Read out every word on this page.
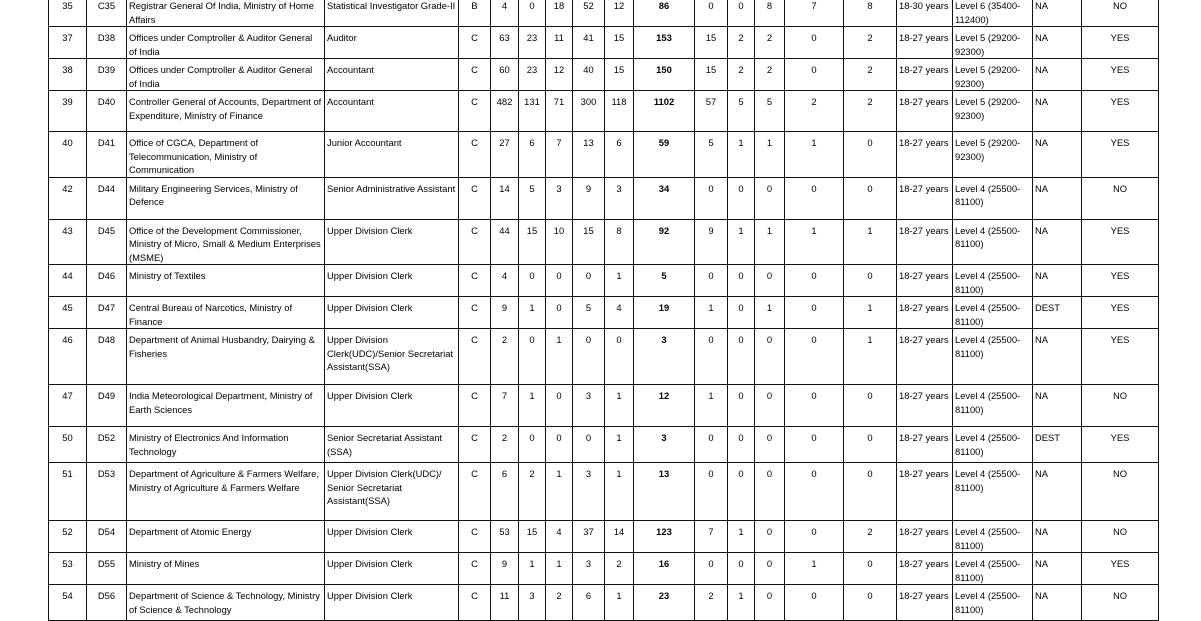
35	C35	Registrar General Of India, Ministry of Home Affairs	Statistical Investigator Grade-II	B	4	0	18	52	12	86	0	0	8	7	8	18-30 years	Level 6 (35400-112400)	NA	NO
37	D38	Offices under Comptroller & Auditor General of India	Auditor	C	63	23	11	41	15	153	15	2	2	0	2	18-27 years	Level 5 (29200-92300)	NA	YES
38	D39	Offices under Comptroller & Auditor General of India	Accountant	C	60	23	12	40	15	150	15	2	2	0	2	18-27 years	Level 5 (29200-92300)	NA	YES
39	D40	Controller General of Accounts, Department of Expenditure, Ministry of Finance	Accountant	C	482	131	71	300	118	1102	57	5	5	2	2	18-27 years	Level 5 (29200-92300)	NA	YES
40	D41	Office of CGCA, Department of Telecommunication, Ministry of Communication	Junior Accountant	C	27	6	7	13	6	59	5	1	1	1	0	18-27 years	Level 5 (29200-92300)	NA	YES
42	D44	Military Engineering Services, Ministry of Defence	Senior Administrative Assistant	C	14	5	3	9	3	34	0	0	0	0	0	18-27 years	Level 4 (25500-81100)	NA	NO
43	D45	Office of the Development Commissioner, Ministry of Micro, Small & Medium Enterprises (MSME)	Upper Division Clerk	C	44	15	10	15	8	92	9	1	1	1	1	18-27 years	Level 4 (25500-81100)	NA	YES
44	D46	Ministry of Textiles	Upper Division Clerk	C	4	0	0	0	1	5	0	0	0	0	0	18-27 years	Level 4 (25500-81100)	NA	YES
45	D47	Central Bureau of Narcotics, Ministry of Finance	Upper Division Clerk	C	9	1	0	5	4	19	1	0	1	0	1	18-27 years	Level 4 (25500-81100)	DEST	YES
46	D48	Department of Animal Husbandry, Dairying & Fisheries	Upper Division Clerk(UDC)/Senior Secretariat Assistant(SSA)	C	2	0	1	0	0	3	0	0	0	0	1	18-27 years	Level 4 (25500-81100)	NA	YES
47	D49	India Meteorological Department, Ministry of Earth Sciences	Upper Division Clerk	C	7	1	0	3	1	12	1	0	0	0	0	18-27 years	Level 4 (25500-81100)	NA	NO
50	D52	Ministry of Electronics And Information Technology	Senior Secretariat Assistant (SSA)	C	2	0	0	0	1	3	0	0	0	0	0	18-27 years	Level 4 (25500-81100)	DEST	YES
51	D53	Department of Agriculture & Farmers Welfare, Ministry of Agriculture & Farmers Welfare	Upper Division Clerk(UDC)/ Senior Secretariat Assistant(SSA)	C	6	2	1	3	1	13	0	0	0	0	0	18-27 years	Level 4 (25500-81100)	NA	NO
52	D54	Department of Atomic Energy	Upper Division Clerk	C	53	15	4	37	14	123	7	1	0	0	2	18-27 years	Level 4 (25500-81100)	NA	NO
53	D55	Ministry of Mines	Upper Division Clerk	C	9	1	1	3	2	16	0	0	0	1	0	18-27 years	Level 4 (25500-81100)	NA	YES
54	D56	Department of Science & Technology, Ministry of Science & Technology	Upper Division Clerk	C	11	3	2	6	1	23	2	1	0	0	0	18-27 years	Level 4 (25500-81100)	NA	NO
